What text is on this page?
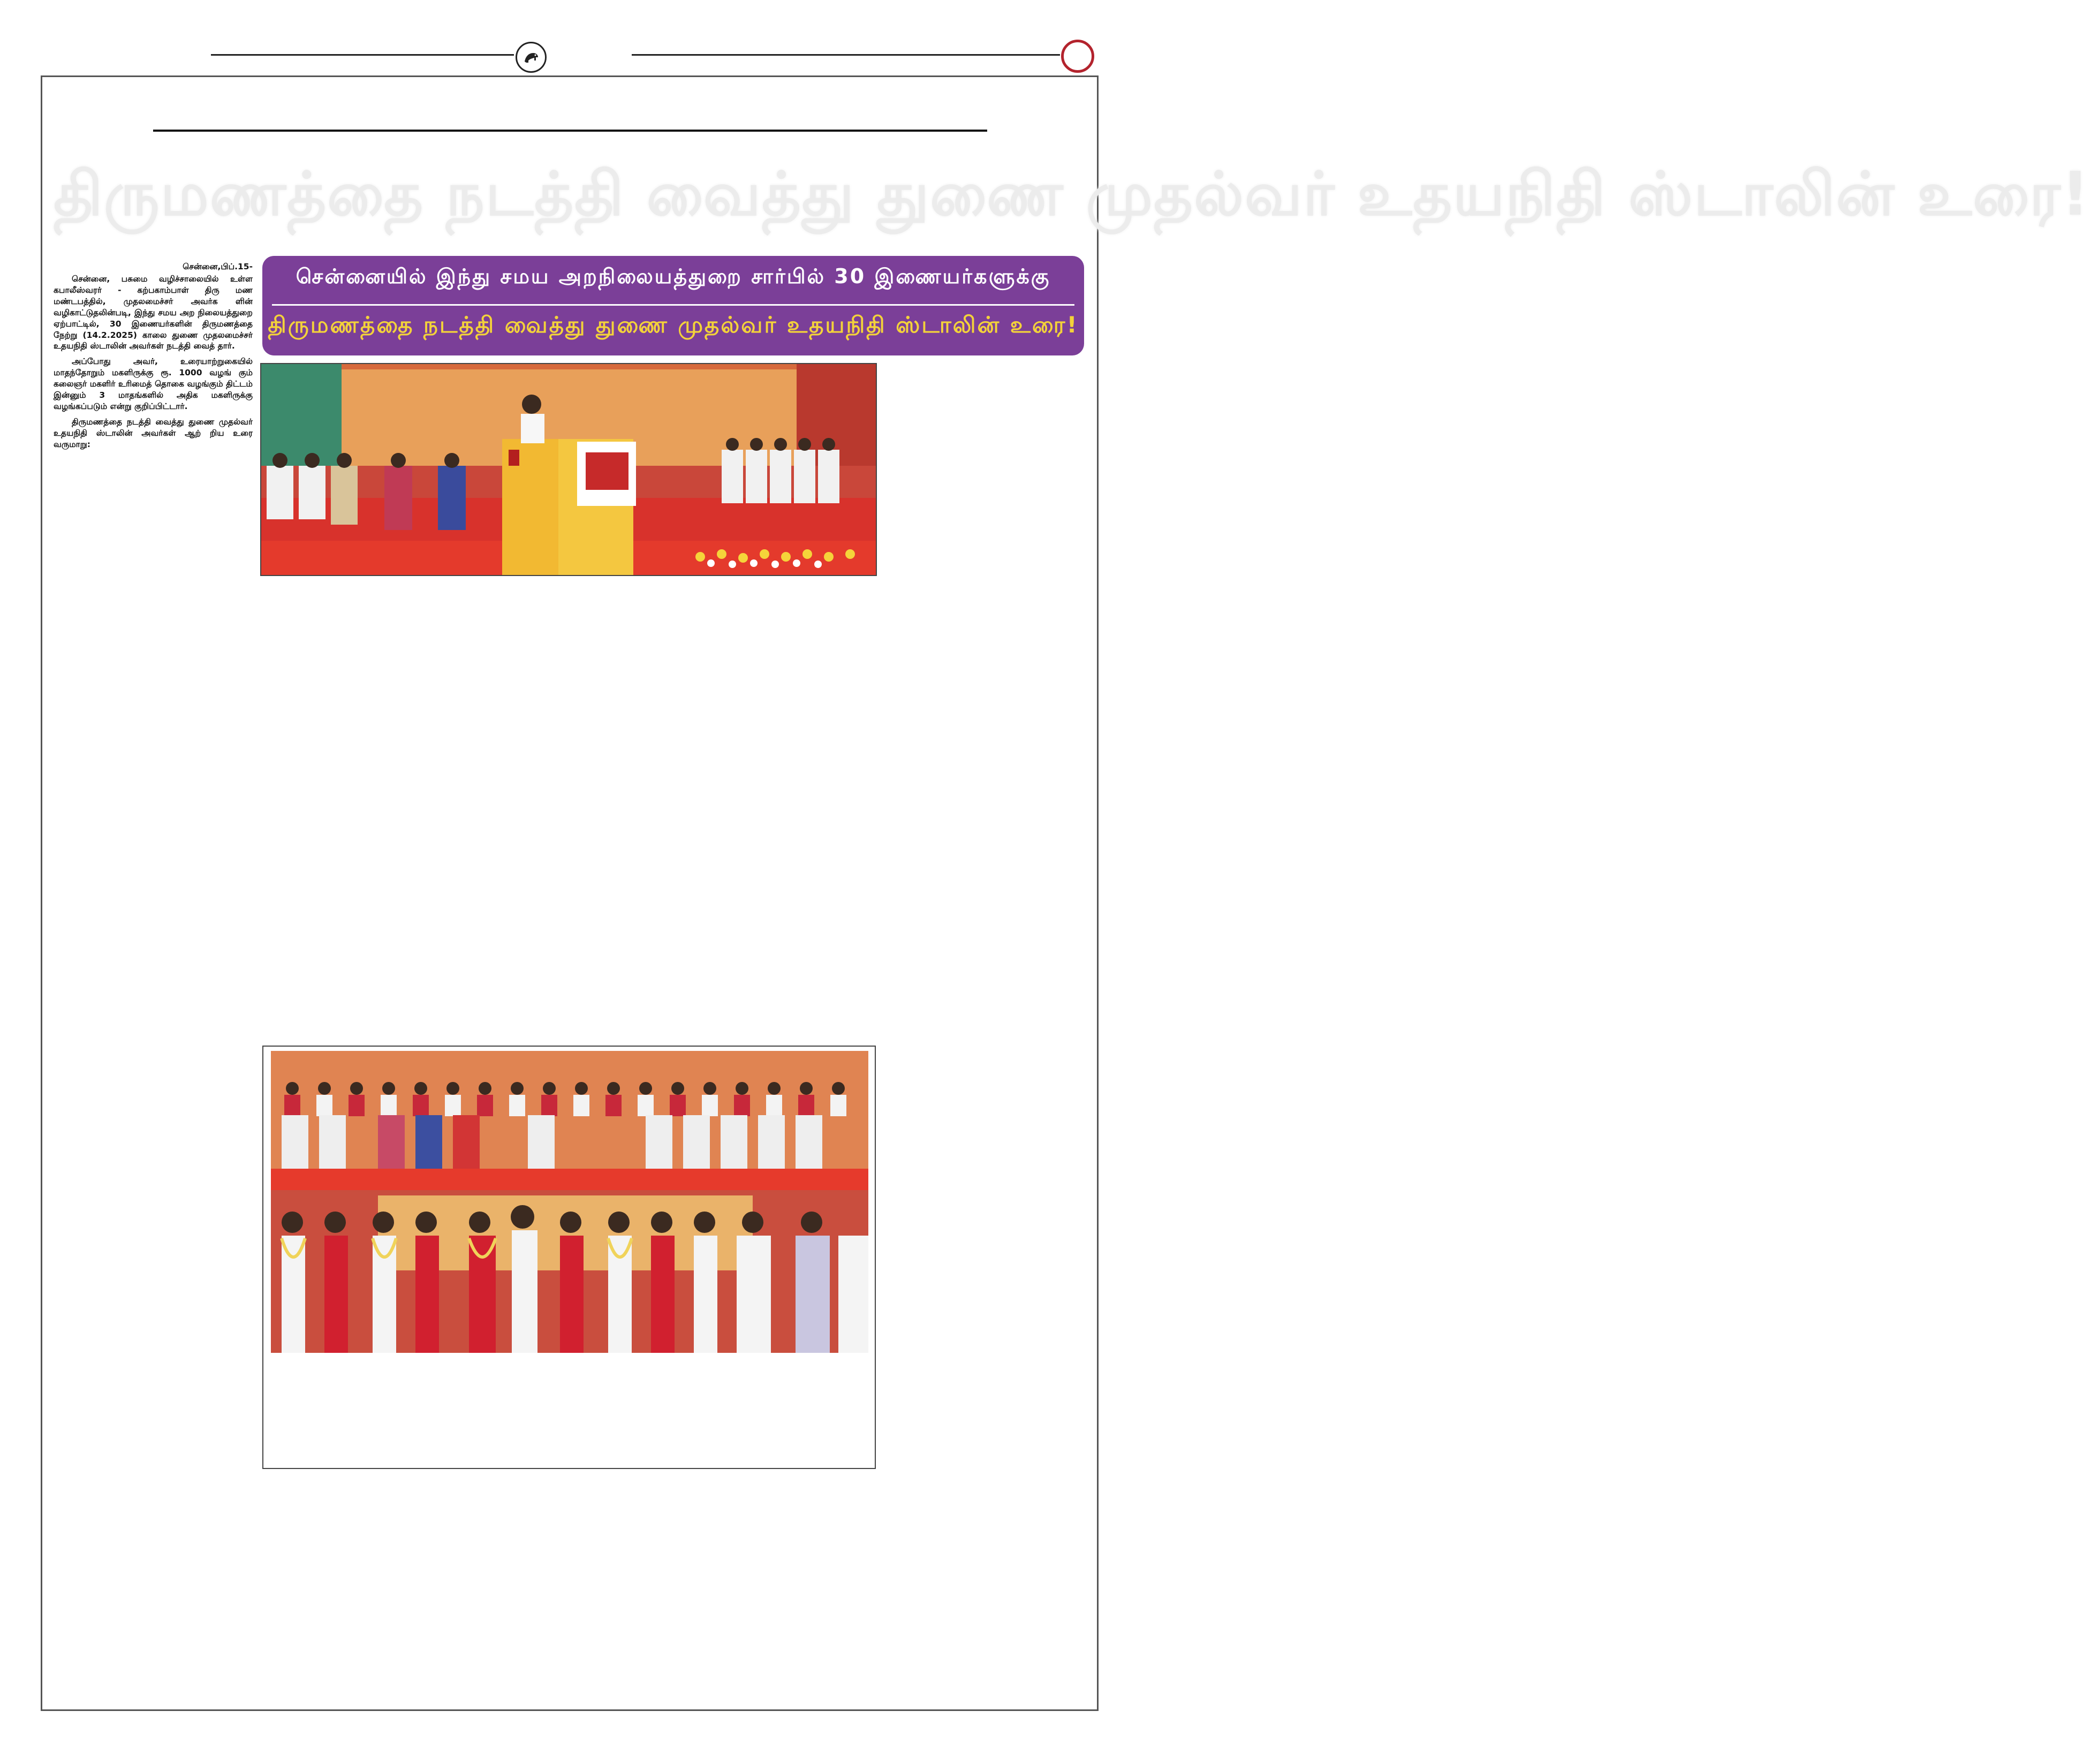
திருமணத்தை நடத்தி வைத்து துணை முதல்வர் உதயநிதி ஸ்டாலின் உரை!
சென்னையில் இந்து சமய அறநிலையத்துறை சார்பில் 30 இணையர்களுக்கு
திருமணத்தை நடத்தி வைத்து துணை முதல்வர் உதயநிதி ஸ்டாலின் உரை!
சென்னை,பிப்.15-

சென்னை, பசுமை வழிச்சாலையில் உள்ள கபாலீஸ்வரர் - கற்பகாம்பாள் திரு மண மண்டபத்தில், முதலமைச்சர் அவர்க ளின் வழிகாட்டுதலின்படி, இந்து சமய அற நிலையத்துறை ஏற்பாட்டில், 30 இணையர்களின் திருமணத்தை நேற்று (14.2.2025) காலை துணை முதலமைச்சர் உதயநிதி ஸ்டாலின் அவர்கள் நடத்தி வைத் தார்.

அப்போது அவர், உரையாற்றுகையில் மாதந்தோறும் மகளிருக்கு ரூ. 1000 வழங் கும் கலைஞர் மகளிர் உரிமைத் தொகை வழங்கும் திட்டம் இன்னும் 3 மாதங்களில் அதிக மகளிருக்கு வழங்கப்படும் என்று குறிப்பிட்டார்.

திருமணத்தை நடத்தி வைத்து துணை முதல்வர் உதயநிதி ஸ்டாலின் அவர்கள் ஆற் றிய உரை வருமாறு:
